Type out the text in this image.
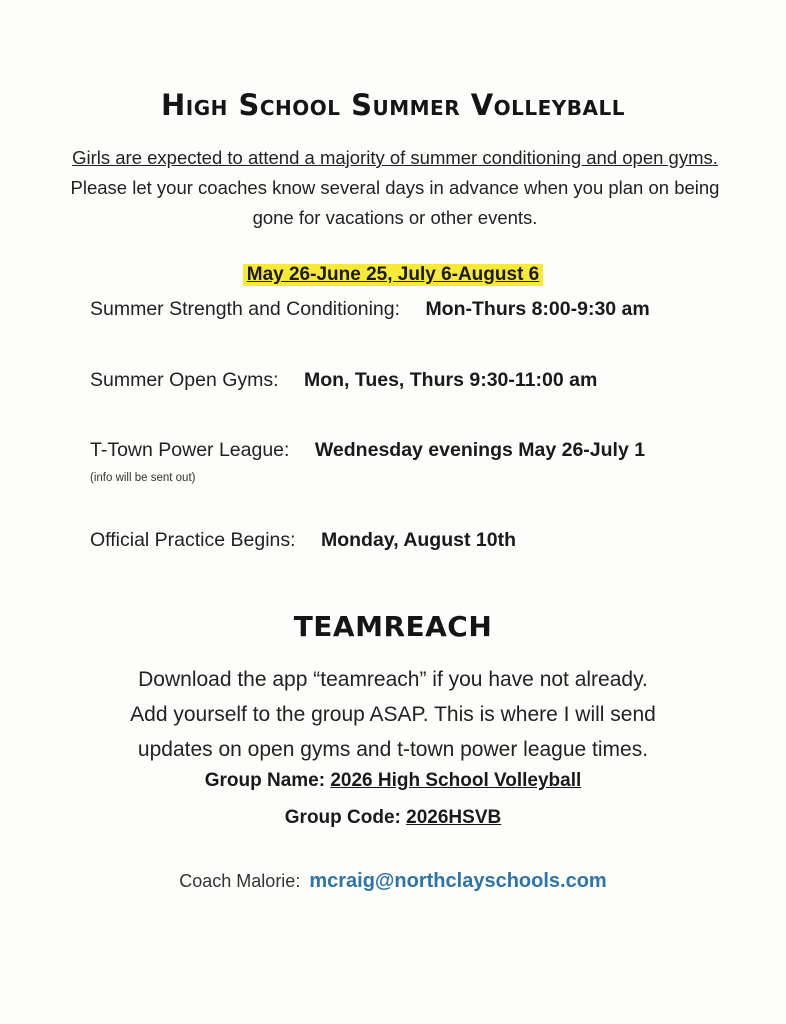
High School Summer Volleyball
Girls are expected to attend a majority of summer conditioning and open gyms. Please let your coaches know several days in advance when you plan on being gone for vacations or other events.
May 26-June 25, July 6-August 6
Summer Strength and Conditioning: Mon-Thurs 8:00-9:30 am
Summer Open Gyms: Mon, Tues, Thurs 9:30-11:00 am
T-Town Power League: Wednesday evenings May 26-July 1
(info will be sent out)
Official Practice Begins: Monday, August 10th
TEAMREACH
Download the app “teamreach” if you have not already.
Add yourself to the group ASAP. This is where I will send
updates on open gyms and t-town power league times.
Group Name: 2026 High School Volleyball
Group Code: 2026HSVB
Coach Malorie: mcraig@northclayschools.com
